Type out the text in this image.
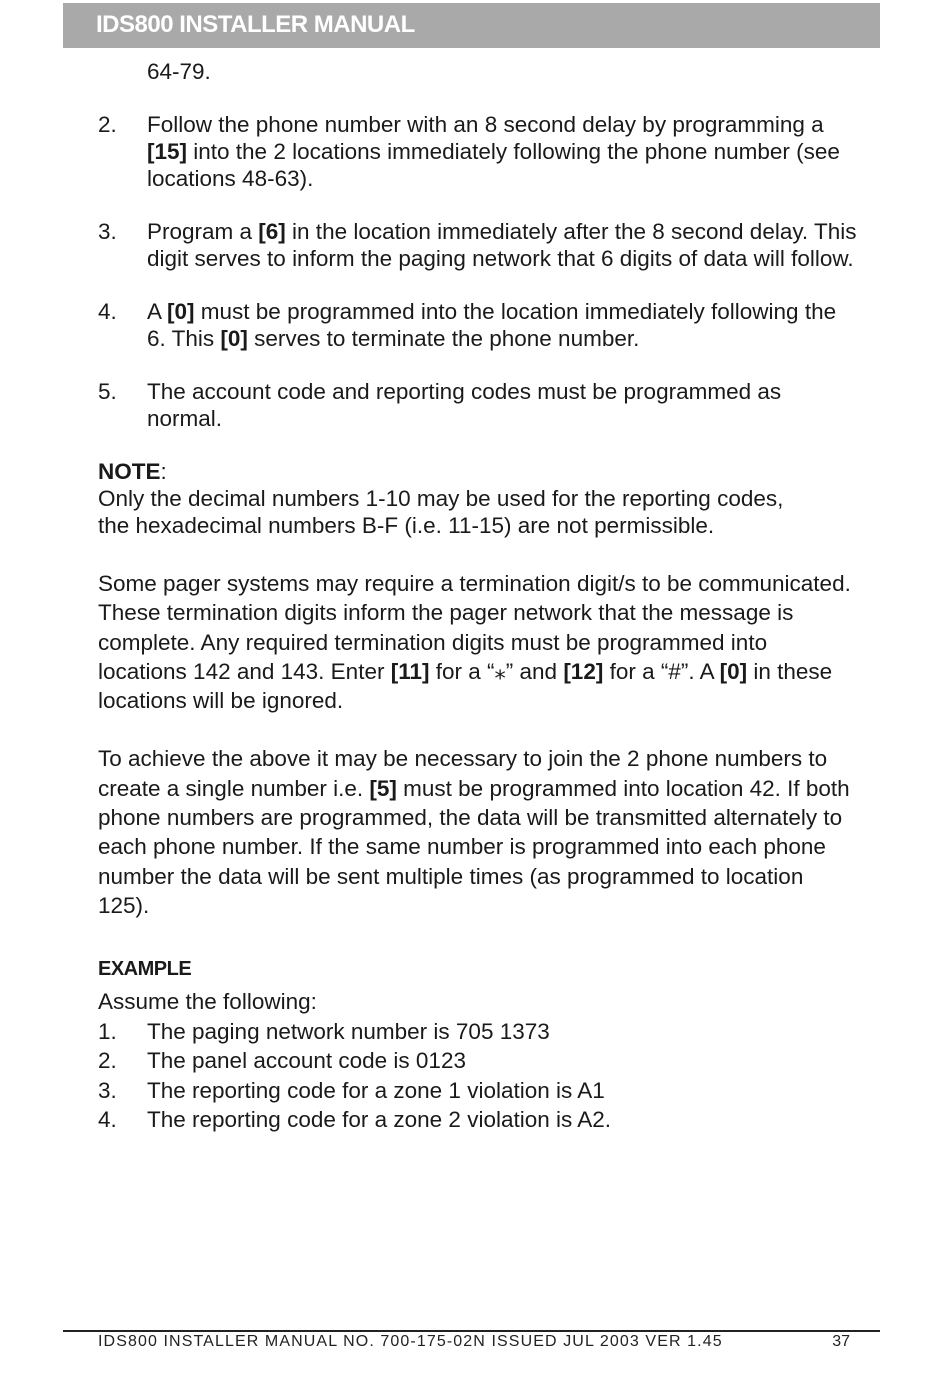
IDS800 INSTALLER MANUAL

64-79.

2. Follow the phone number with an 8 second delay by programming a [15] into the 2 locations immediately following the phone number (see locations 48-63).
3. Program a [6] in the location immediately after the 8 second delay. This digit serves to inform the paging network that 6 digits of data will follow.
4. A [0] must be programmed into the location immediately following the 6. This [0] serves to terminate the phone number.
5. The account code and reporting codes must be programmed as normal.

NOTE:

Only the decimal numbers 1-10 may be used for the reporting codes,

the hexadecimal numbers B-F (i.e. 11-15) are not permissible.

Some pager systems may require a termination digit/s to be communicated. These termination digits inform the pager network that the message is complete. Any required termination digits must be programmed into locations 142 and 143. Enter [11] for a “⁎” and [12] for a “#”. A [0] in these locations will be ignored.

To achieve the above it may be necessary to join the 2 phone numbers to create a single number i.e. [5] must be programmed into location 42. If both phone numbers are programmed, the data will be transmitted alternately to each phone number. If the same number is programmed into each phone number the data will be sent multiple times (as programmed to location 125).

EXAMPLE

Assume the following:

1. The paging network number is 705 1373
2. The panel account code is 0123
3. The reporting code for a zone 1 violation is A1
4. The reporting code for a zone 2 violation is A2.
IDS800 INSTALLER MANUAL NO. 700-175-02N ISSUED JUL 2003 VER 1.45	37
